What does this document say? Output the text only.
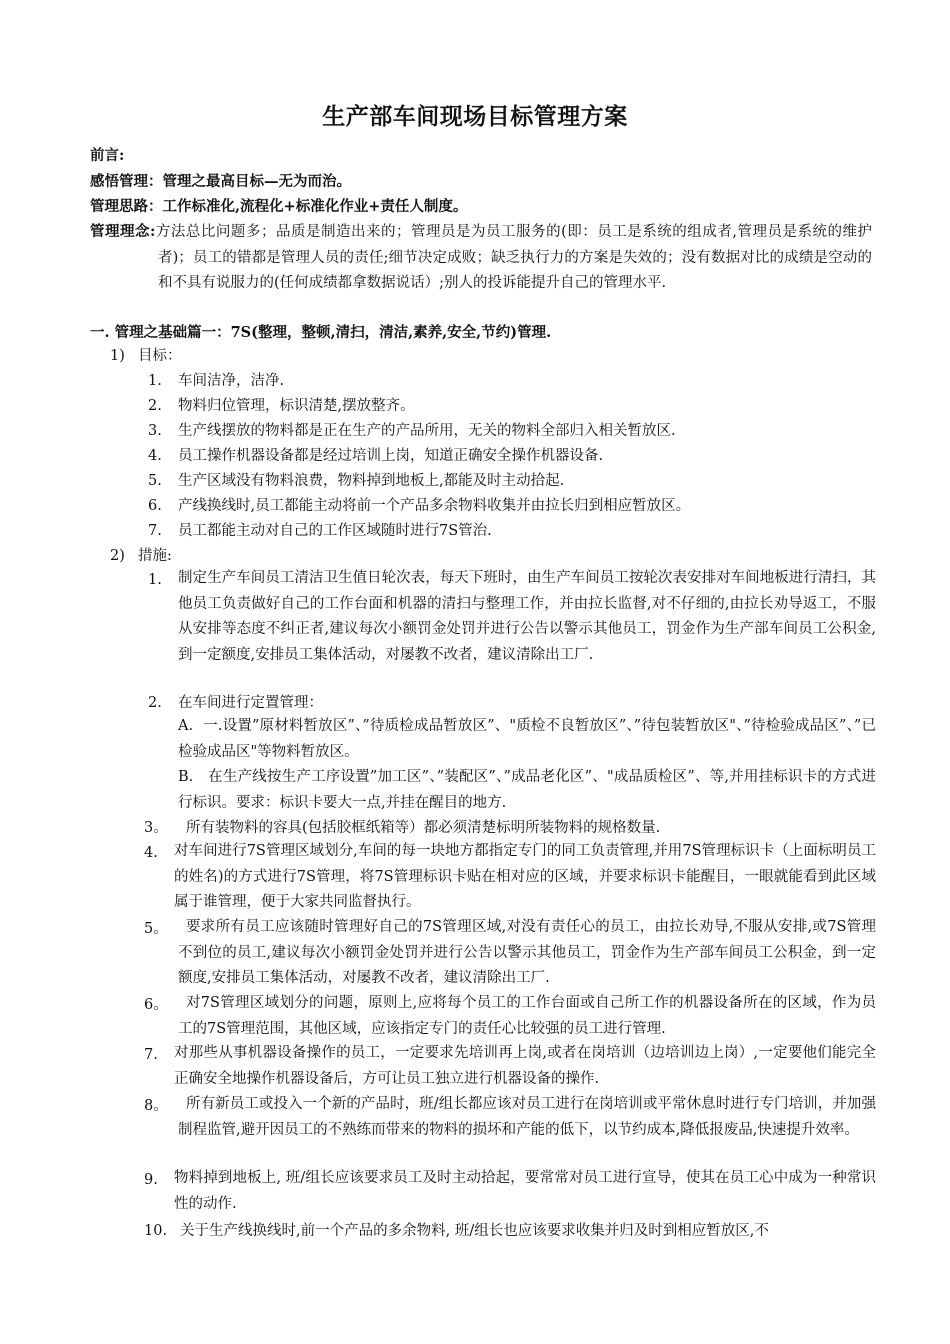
生产部车间现场目标管理方案
前言:
感悟管理：管理之最高目标—无为而治。
管理思路：工作标准化,流程化+标准化作业+责任人制度。
管理理念:方法总比问题多；品质是制造出来的；管理员是为员工服务的(即：员工是系统的组成者,管理员是系统的维护者)；员工的错都是管理人员的责任;细节决定成败；缺乏执行力的方案是失效的；没有数据对比的成绩是空动的和不具有说服力的(任何成绩都拿数据说话）;别人的投诉能提升自己的管理水平.
一. 管理之基础篇一：7S(整理，整顿,清扫，清洁,素养,安全,节约)管理.
1) 目标：
1. 车间洁净，洁净.
2. 物料归位管理，标识清楚,摆放整齐。
3. 生产线摆放的物料都是正在生产的产品所用，无关的物料全部归入相关暂放区.
4. 员工操作机器设备都是经过培训上岗，知道正确安全操作机器设备.
5. 生产区域没有物料浪费，物料掉到地板上,都能及时主动拾起.
6. 产线换线时,员工都能主动将前一个产品多余物料收集并由拉长归到相应暂放区。
7. 员工都能主动对自己的工作区域随时进行7S管治.
2) 措施:
1. 制定生产车间员工清洁卫生值日轮次表，每天下班时，由生产车间员工按轮次表安排对车间地板进行清扫，其他员工负责做好自己的工作台面和机器的清扫与整理工作，并由拉长监督,对不仔细的,由拉长劝导返工，不服从安排等态度不纠正者,建议每次小额罚金处罚并进行公告以警示其他员工，罚金作为生产部车间员工公积金,到一定额度,安排员工集体活动，对屡教不改者，建议清除出工厂.
2. 在车间进行定置管理：
A．一.设置”原材料暂放区”、”待质检成品暂放区”、"质检不良暂放区”、”待包装暂放区"、”待检验成品区”、”已检验成品区"等物料暂放区。
B.　在生产线按生产工序设置”加工区”、”装配区”、”成品老化区”、"成品质检区”、等,并用挂标识卡的方式进行标识。要求：标识卡要大一点,并挂在醒目的地方.
3。 所有装物料的容具(包括胶框纸箱等）都必须清楚标明所装物料的规格数量.
4. 对车间进行7S管理区域划分,车间的每一块地方都指定专门的同工负责管理,并用7S管理标识卡（上面标明员工的姓名)的方式进行7S管理，将7S管理标识卡贴在相对应的区域，并要求标识卡能醒目，一眼就能看到此区域属于谁管理，便于大家共同监督执行。
5。	要求所有员工应该随时管理好自己的7S管理区域,对没有责任心的员工，由拉长劝导,不服从安排,或7S管理不到位的员工,建议每次小额罚金处罚并进行公告以警示其他员工，罚金作为生产部车间员工公积金，到一定额度,安排员工集体活动，对屡教不改者，建议清除出工厂.
6。	对7S管理区域划分的问题，原则上,应将每个员工的工作台面或自己所工作的机器设备所在的区域，作为员工的7S管理范围，其他区域，应该指定专门的责任心比较强的员工进行管理.
7. 对那些从事机器设备操作的员工，一定要求先培训再上岗,或者在岗培训（边培训边上岗）,一定要他们能完全正确安全地操作机器设备后，方可让员工独立进行机器设备的操作.
8。	所有新员工或投入一个新的产品时，班/组长都应该对员工进行在岗培训或平常休息时进行专门培训，并加强制程监管,避开因员工的不熟练而带来的物料的损坏和产能的低下，以节约成本,降低报废品,快速提升效率。
9. 物料掉到地板上, 班/组长应该要求员工及时主动拾起，要常常对员工进行宣导，使其在员工心中成为一种常识性的动作.
10. 关于生产线换线时,前一个产品的多余物料, 班/组长也应该要求收集并归及时到相应暂放区,不
